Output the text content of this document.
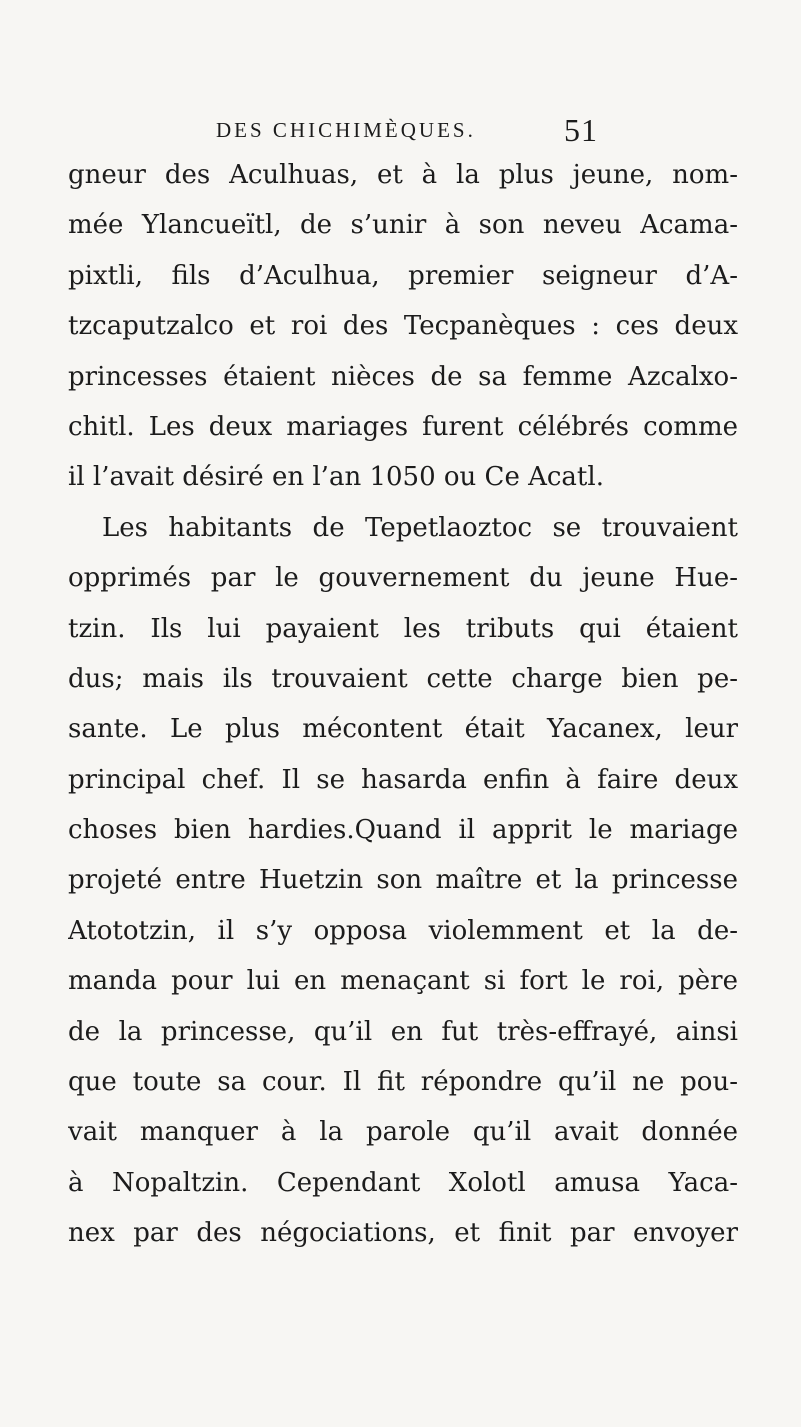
DES CHICHIMÈQUES.	51
gneur des Aculhuas, et à la plus jeune, nom-
mée Ylancueïtl, de s’unir à son neveu Acama-
pixtli, fils d’Aculhua, premier seigneur d’A-
tzcaputzalco et roi des Tecpanèques : ces deux
princesses étaient nièces de sa femme Azcalxo-
chitl. Les deux mariages furent célébrés comme
il l’avait désiré en l’an 1050 ou Ce Acatl.
Les habitants de Tepetlaoztoc se trouvaient
opprimés par le gouvernement du jeune Hue-
tzin. Ils lui payaient les tributs qui étaient
dus; mais ils trouvaient cette charge bien pe-
sante. Le plus mécontent était Yacanex, leur
principal chef. Il se hasarda enfin à faire deux
choses bien hardies.Quand il apprit le mariage
projeté entre Huetzin son maître et la princesse
Atototzin, il s’y opposa violemment et la de-
manda pour lui en menaçant si fort le roi, père
de la princesse, qu’il en fut très-effrayé, ainsi
que toute sa cour. Il fit répondre qu’il ne pou-
vait manquer à la parole qu’il avait donnée
à Nopaltzin. Cependant Xolotl amusa Yaca-
nex par des négociations, et finit par envoyer
